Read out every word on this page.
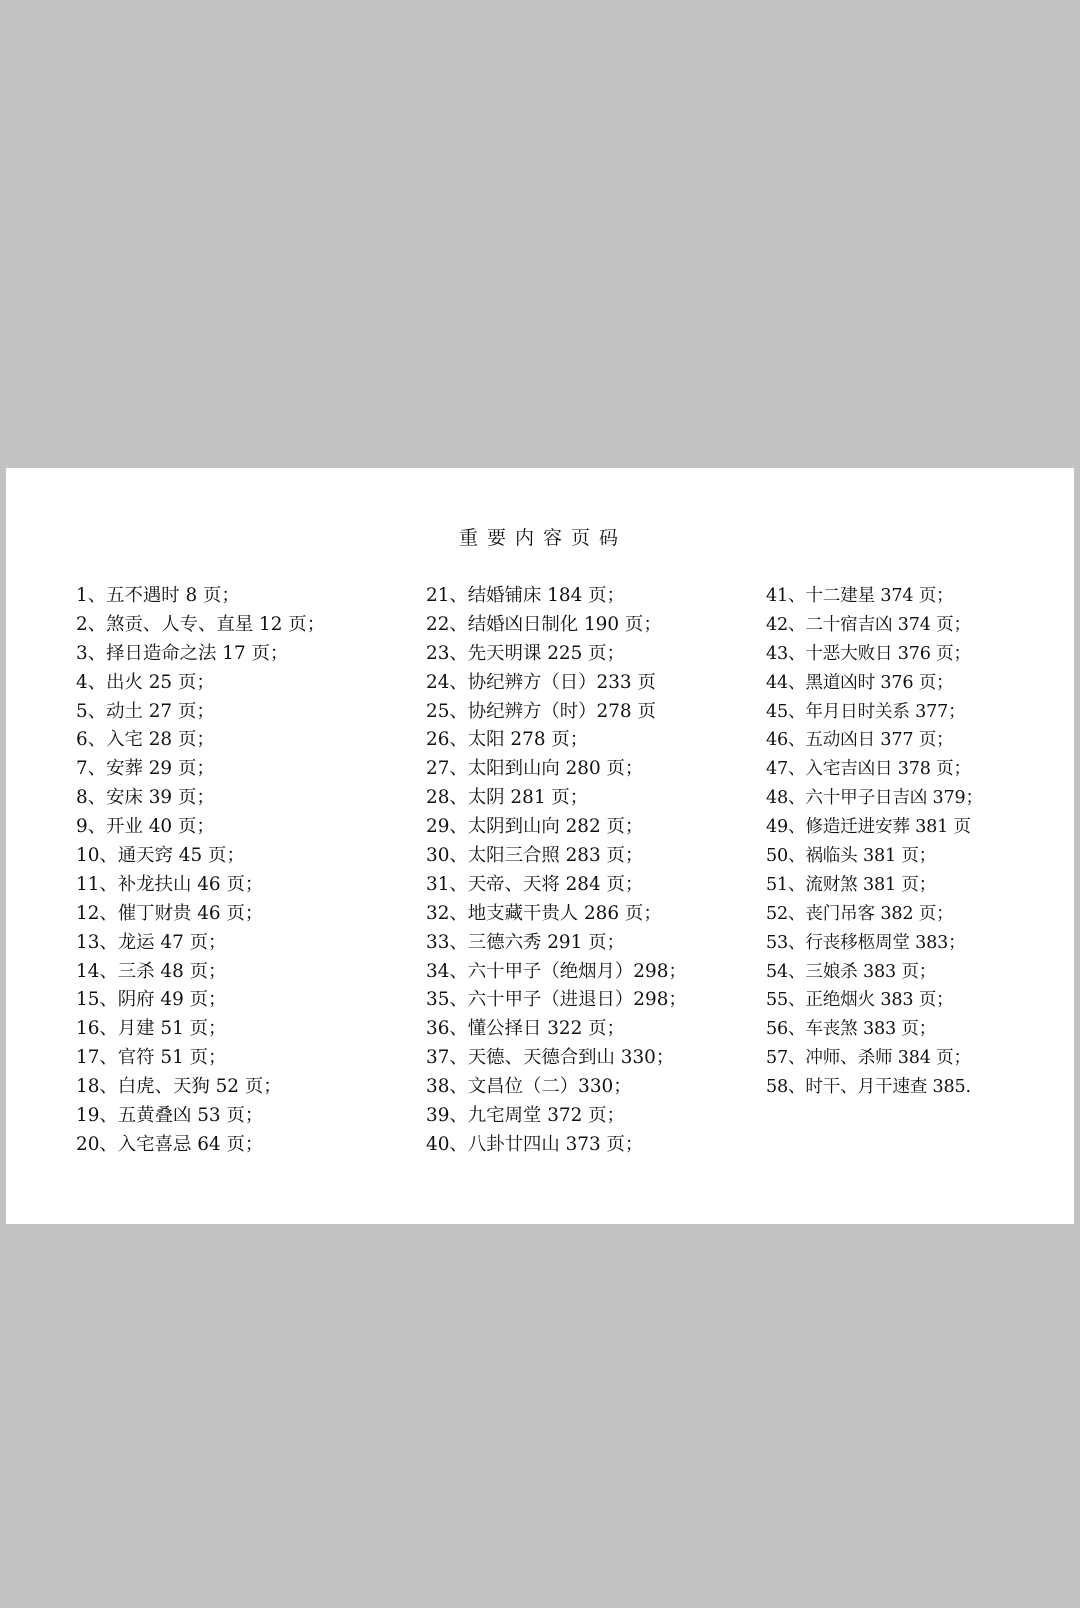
重要内容页码
1、五不遇时 8 页；
2、煞贡、人专、直星 12 页；
3、择日造命之法 17 页；
4、出火 25 页；
5、动土 27 页；
6、入宅 28 页；
7、安葬 29 页；
8、安床 39 页；
9、开业 40 页；
10、通天窍 45 页；
11、补龙扶山 46 页；
12、催丁财贵 46 页；
13、龙运 47 页；
14、三杀 48 页；
15、阴府 49 页；
16、月建 51 页；
17、官符 51 页；
18、白虎、天狗 52 页；
19、五黄叠凶 53 页；
20、入宅喜忌 64 页；
21、结婚铺床 184 页；
22、结婚凶日制化 190 页；
23、先天明课 225 页；
24、协纪辨方（日）233 页
25、协纪辨方（时）278 页
26、太阳 278 页；
27、太阳到山向 280 页；
28、太阴 281 页；
29、太阴到山向 282 页；
30、太阳三合照 283 页；
31、天帝、天将 284 页；
32、地支藏干贵人 286 页；
33、三德六秀 291 页；
34、六十甲子（绝烟月）298；
35、六十甲子（进退日）298；
36、懂公择日 322 页；
37、天德、天德合到山 330；
38、文昌位（二）330；
39、九宅周堂 372 页；
40、八卦廿四山 373 页；
41、十二建星 374 页；
42、二十宿吉凶 374 页；
43、十恶大败日 376 页；
44、黑道凶时 376 页；
45、年月日时关系 377；
46、五动凶日 377 页；
47、入宅吉凶日 378 页；
48、六十甲子日吉凶 379；
49、修造迁进安葬 381 页
50、祸临头 381 页；
51、流财煞 381 页；
52、丧门吊客 382 页；
53、行丧移柩周堂 383；
54、三娘杀 383 页；
55、正绝烟火 383 页；
56、车丧煞 383 页；
57、冲师、杀师 384 页；
58、时干、月干速查 385.
